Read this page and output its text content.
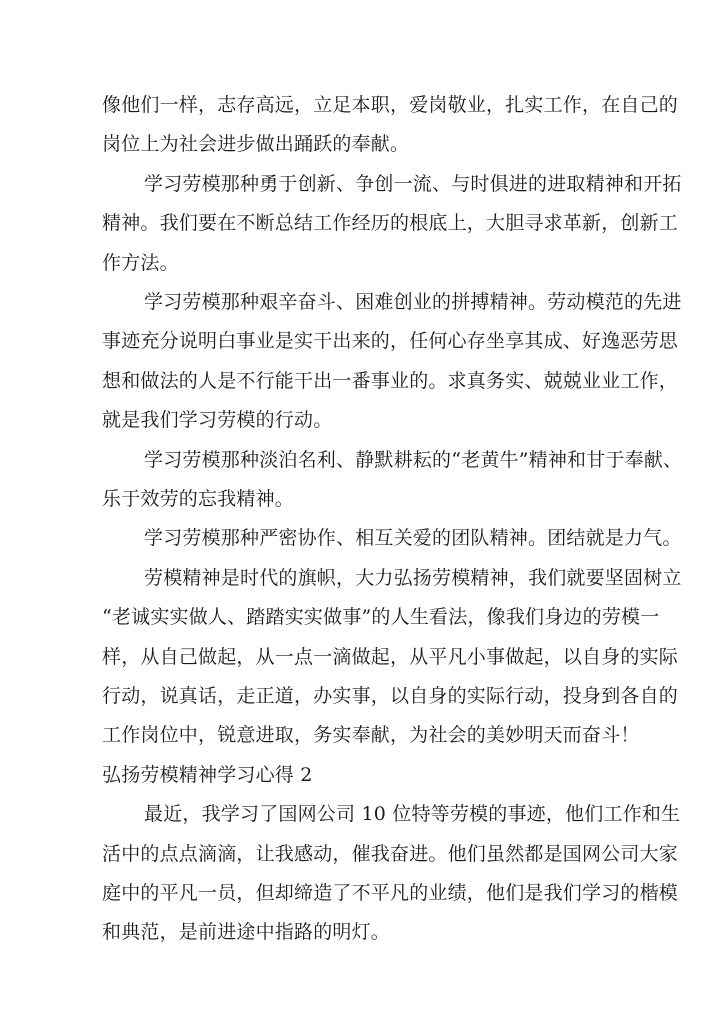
像他们一样，志存高远，立足本职，爱岗敬业，扎实工作，在自己的
岗位上为社会进步做出踊跃的奉献。
学习劳模那种勇于创新、争创一流、与时俱进的进取精神和开拓
精神。我们要在不断总结工作经历的根底上，大胆寻求革新，创新工
作方法。
学习劳模那种艰辛奋斗、困难创业的拼搏精神。劳动模范的先进
事迹充分说明白事业是实干出来的，任何心存坐享其成、好逸恶劳思
想和做法的人是不行能干出一番事业的。求真务实、兢兢业业工作，
就是我们学习劳模的行动。
学习劳模那种淡泊名利、静默耕耘的“老黄牛”精神和甘于奉献、
乐于效劳的忘我精神。
学习劳模那种严密协作、相互关爱的团队精神。团结就是力气。
劳模精神是时代的旗帜，大力弘扬劳模精神，我们就要坚固树立
“老诚实实做人、踏踏实实做事”的人生看法，像我们身边的劳模一
样，从自己做起，从一点一滴做起，从平凡小事做起，以自身的实际
行动，说真话，走正道，办实事，以自身的实际行动，投身到各自的
工作岗位中，锐意进取，务实奉献，为社会的美妙明天而奋斗！
弘扬劳模精神学习心得 2
最近，我学习了国网公司 10 位特等劳模的事迹，他们工作和生
活中的点点滴滴，让我感动，催我奋进。他们虽然都是国网公司大家
庭中的平凡一员，但却缔造了不平凡的业绩，他们是我们学习的楷模
和典范，是前进途中指路的明灯。
